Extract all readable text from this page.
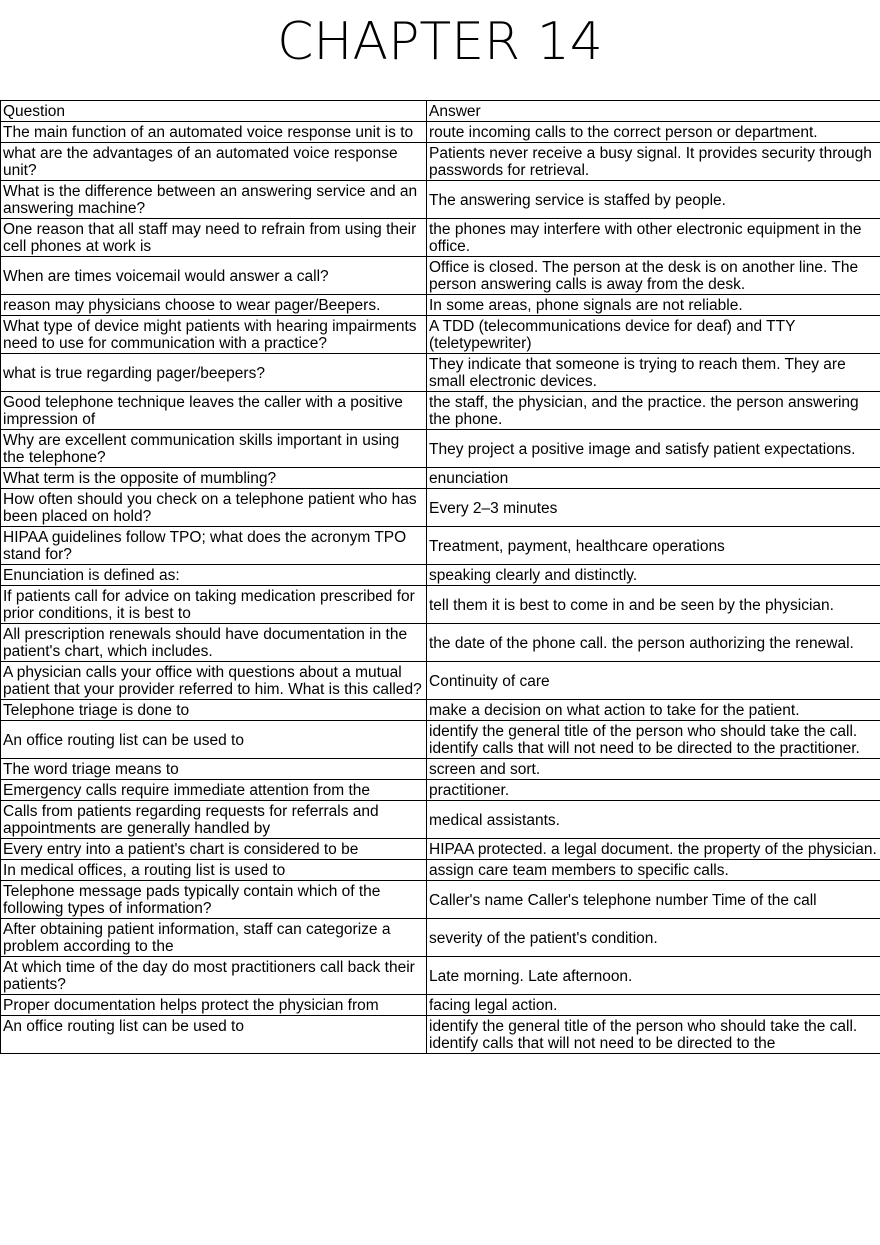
CHAPTER 14
Question	Answer
The main function of an automated voice response unit is to	route incoming calls to the correct person or department.
what are the advantages of an automated voice response unit?	Patients never receive a busy signal. It provides security through passwords for retrieval.
What is the difference between an answering service and an answering machine?	The answering service is staffed by people.
One reason that all staff may need to refrain from using their cell phones at work is	the phones may interfere with other electronic equipment in the office.
When are times voicemail would answer a call?	Office is closed. The person at the desk is on another line. The person answering calls is away from the desk.
reason may physicians choose to wear pager/Beepers.	In some areas, phone signals are not reliable.
What type of device might patients with hearing impairments need to use for communication with a practice?	A TDD (telecommunications device for deaf) and TTY (teletypewriter)
what is true regarding pager/beepers?	They indicate that someone is trying to reach them. They are small electronic devices.
Good telephone technique leaves the caller with a positive impression of	the staff, the physician, and the practice. the person answering the phone.
Why are excellent communication skills important in using the telephone?	They project a positive image and satisfy patient expectations.
What term is the opposite of mumbling?	enunciation
How often should you check on a telephone patient who has been placed on hold?	Every 2–3 minutes
HIPAA guidelines follow TPO; what does the acronym TPO stand for?	Treatment, payment, healthcare operations
Enunciation is defined as:	speaking clearly and distinctly.
If patients call for advice on taking medication prescribed for prior conditions, it is best to	tell them it is best to come in and be seen by the physician.
All prescription renewals should have documentation in the patient's chart, which includes.	the date of the phone call. the person authorizing the renewal.
A physician calls your office with questions about a mutual patient that your provider referred to him. What is this called?	Continuity of care
Telephone triage is done to	make a decision on what action to take for the patient.
An office routing list can be used to	identify the general title of the person who should take the call. identify calls that will not need to be directed to the practitioner.
The word triage means to	screen and sort.
Emergency calls require immediate attention from the	practitioner.
Calls from patients regarding requests for referrals and appointments are generally handled by	medical assistants.
Every entry into a patient's chart is considered to be	HIPAA protected. a legal document. the property of the physician.
In medical offices, a routing list is used to	assign care team members to specific calls.
Telephone message pads typically contain which of the following types of information?	Caller's name Caller's telephone number Time of the call
After obtaining patient information, staff can categorize a problem according to the	severity of the patient's condition.
At which time of the day do most practitioners call back their patients?	Late morning. Late afternoon.
Proper documentation helps protect the physician from	facing legal action.
An office routing list can be used to	identify the general title of the person who should take the call. identify calls that will not need to be directed to the
